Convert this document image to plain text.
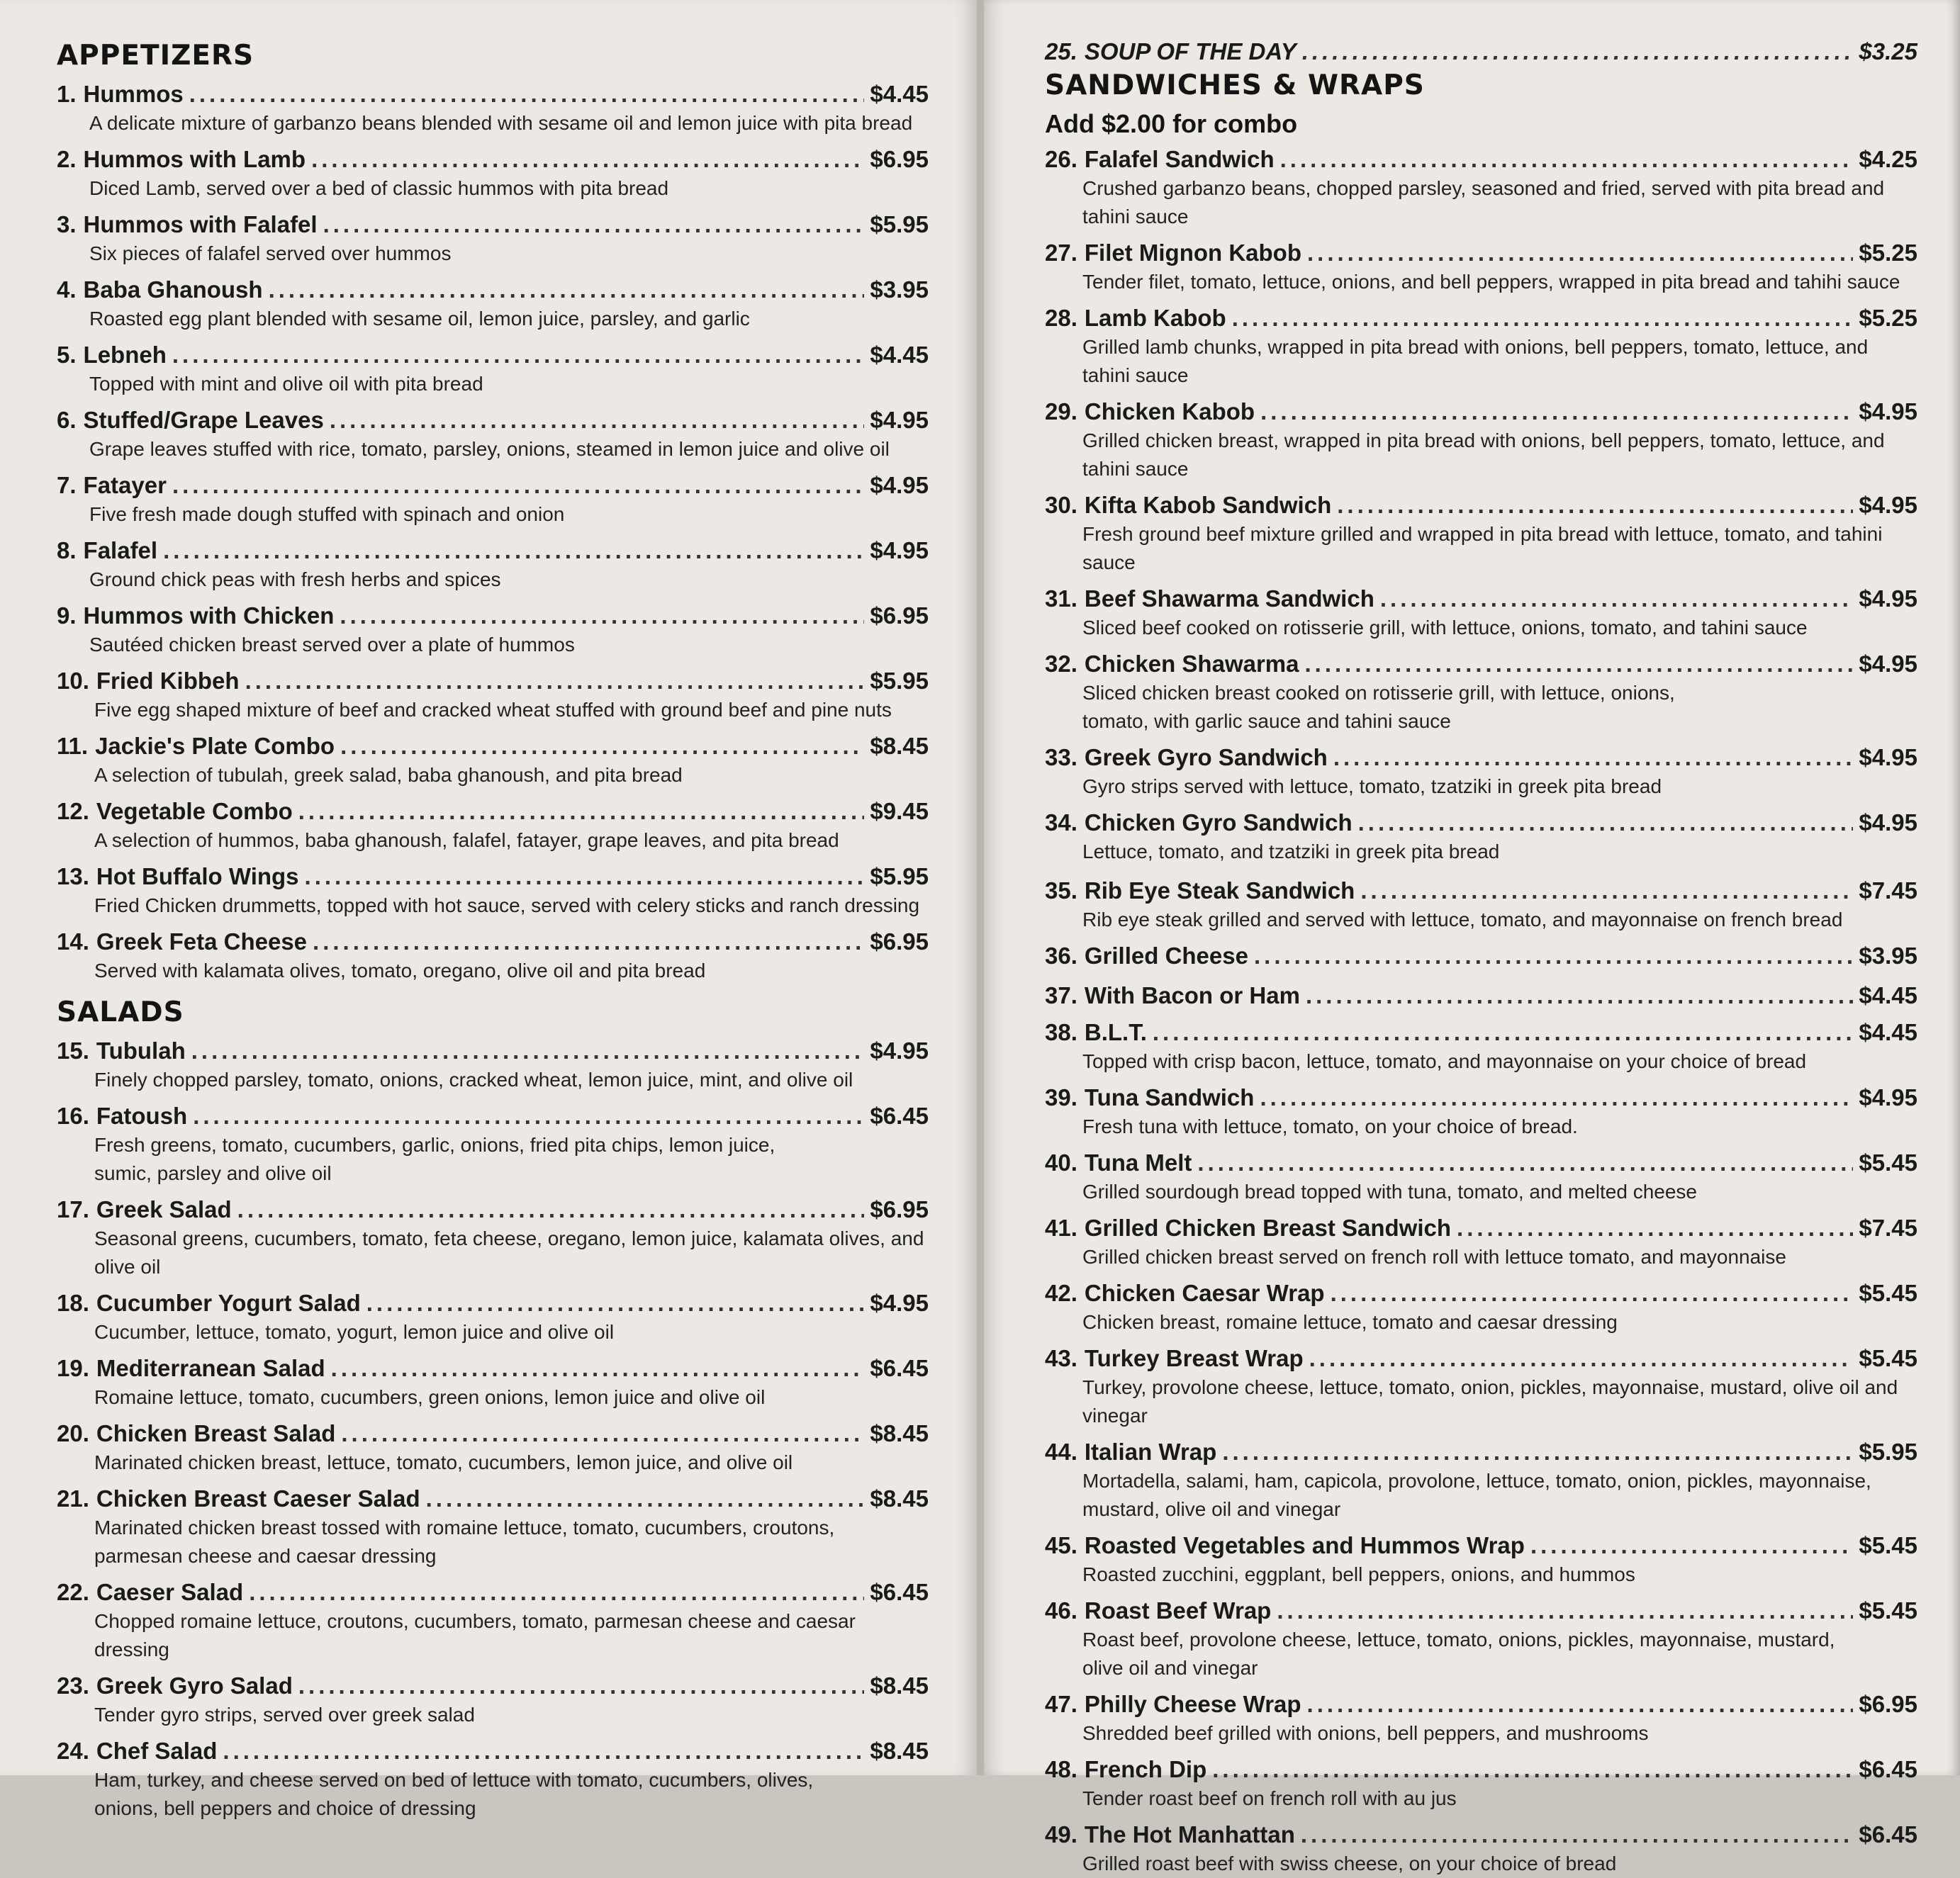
APPETIZERS
1. Hummos .....	$4.45
A delicate mixture of garbanzo beans blended with sesame oil and lemon juice with pita bread
2. Hummos with Lamb .....	$6.95
Diced Lamb, served over a bed of classic hummos with pita bread
3. Hummos with Falafel .....	$5.95
Six pieces of falafel served over hummos
4. Baba Ghanoush .....	$3.95
Roasted egg plant blended with sesame oil, lemon juice, parsley, and garlic
5. Lebneh .....	$4.45
Topped with mint and olive oil with pita bread
6. Stuffed/Grape Leaves .....	$4.95
Grape leaves stuffed with rice, tomato, parsley, onions, steamed in lemon juice and olive oil
7. Fatayer .....	$4.95
Five fresh made dough stuffed with spinach and onion
8. Falafel .....	$4.95
Ground chick peas with fresh herbs and spices
9. Hummos with Chicken .....	$6.95
Sautéed chicken breast served over a plate of hummos
10. Fried Kibbeh .....	$5.95
Five egg shaped mixture of beef and cracked wheat stuffed with ground beef and pine nuts
11. Jackie's Plate Combo .....	$8.45
A selection of tubulah, greek salad, baba ghanoush, and pita bread
12. Vegetable Combo .....	$9.45
A selection of hummos, baba ghanoush, falafel, fatayer, grape leaves, and pita bread
13. Hot Buffalo Wings .....	$5.95
Fried Chicken drummetts, topped with hot sauce, served with celery sticks and ranch dressing
14. Greek Feta Cheese .....	$6.95
Served with kalamata olives, tomato, oregano, olive oil and pita bread
SALADS
15. Tubulah .....	$4.95
Finely chopped parsley, tomato, onions, cracked wheat, lemon juice, mint, and olive oil
16. Fatoush .....	$6.45
Fresh greens, tomato, cucumbers, garlic, onions, fried pita chips, lemon juice,
sumic, parsley and olive oil
17. Greek Salad .....	$6.95
Seasonal greens, cucumbers, tomato, feta cheese, oregano, lemon juice, kalamata olives, and olive oil
18. Cucumber Yogurt Salad .....	$4.95
Cucumber, lettuce, tomato, yogurt, lemon juice and olive oil
19. Mediterranean Salad .....	$6.45
Romaine lettuce, tomato, cucumbers, green onions, lemon juice and olive oil
20. Chicken Breast Salad .....	$8.45
Marinated chicken breast, lettuce, tomato, cucumbers, lemon juice, and olive oil
21. Chicken Breast Caeser Salad .....	$8.45
Marinated chicken breast tossed with romaine lettuce, tomato, cucumbers, croutons,
parmesan cheese and caesar dressing
22. Caeser Salad .....	$6.45
Chopped romaine lettuce, croutons, cucumbers, tomato, parmesan cheese and caesar dressing
23. Greek Gyro Salad .....	$8.45
Tender gyro strips, served over greek salad
24. Chef Salad .....	$8.45
Ham, turkey, and cheese served on bed of lettuce with tomato, cucumbers, olives,
onions, bell peppers and choice of dressing
25. SOUP OF THE DAY .....	$3.25
SANDWICHES & WRAPS
Add $2.00 for combo
26. Falafel Sandwich .....	$4.25
Crushed garbanzo beans, chopped parsley, seasoned and fried, served with pita bread and tahini sauce
27. Filet Mignon Kabob .....	$5.25
Tender filet, tomato, lettuce, onions, and bell peppers, wrapped in pita bread and tahihi sauce
28. Lamb Kabob .....	$5.25
Grilled lamb chunks, wrapped in pita bread with onions, bell peppers, tomato, lettuce, and tahini sauce
29. Chicken Kabob .....	$4.95
Grilled chicken breast, wrapped in pita bread with onions, bell peppers, tomato, lettuce, and
tahini sauce
30. Kifta Kabob Sandwich .....	$4.95
Fresh ground beef mixture grilled and wrapped in pita bread with lettuce, tomato, and tahini sauce
31. Beef Shawarma Sandwich .....	$4.95
Sliced beef cooked on rotisserie grill, with lettuce, onions, tomato, and tahini sauce
32. Chicken Shawarma .....	$4.95
Sliced chicken breast cooked on rotisserie grill, with lettuce, onions,
tomato, with garlic sauce and tahini sauce
33. Greek Gyro Sandwich .....	$4.95
Gyro strips served with lettuce, tomato, tzatziki in greek pita bread
34. Chicken Gyro Sandwich .....	$4.95
Lettuce, tomato, and tzatziki in greek pita bread
35. Rib Eye Steak Sandwich .....	$7.45
Rib eye steak grilled and served with lettuce, tomato, and mayonnaise on french bread
36. Grilled Cheese .....	$3.95
37. With Bacon or Ham .....	$4.45
38. B.L.T. .....	$4.45
Topped with crisp bacon, lettuce, tomato, and mayonnaise on your choice of bread
39. Tuna Sandwich .....	$4.95
Fresh tuna with lettuce, tomato, on your choice of bread.
40. Tuna Melt .....	$5.45
Grilled sourdough bread topped with tuna, tomato, and melted cheese
41. Grilled Chicken Breast Sandwich .....	$7.45
Grilled chicken breast served on french roll with lettuce tomato, and mayonnaise
42. Chicken Caesar Wrap .....	$5.45
Chicken breast, romaine lettuce, tomato and caesar dressing
43. Turkey Breast Wrap .....	$5.45
Turkey, provolone cheese, lettuce, tomato, onion, pickles, mayonnaise, mustard, olive oil and vinegar
44. Italian Wrap .....	$5.95
Mortadella, salami, ham, capicola, provolone, lettuce, tomato, onion, pickles, mayonnaise,
mustard, olive oil and vinegar
45. Roasted Vegetables and Hummos Wrap .....	$5.45
Roasted zucchini, eggplant, bell peppers, onions, and hummos
46. Roast Beef Wrap .....	$5.45
Roast beef, provolone cheese, lettuce, tomato, onions, pickles, mayonnaise, mustard,
olive oil and vinegar
47. Philly Cheese Wrap .....	$6.95
Shredded beef grilled with onions, bell peppers, and mushrooms
48. French Dip .....	$6.45
Tender roast beef on french roll with au jus
49. The Hot Manhattan .....	$6.45
Grilled roast beef with swiss cheese, on your choice of bread
